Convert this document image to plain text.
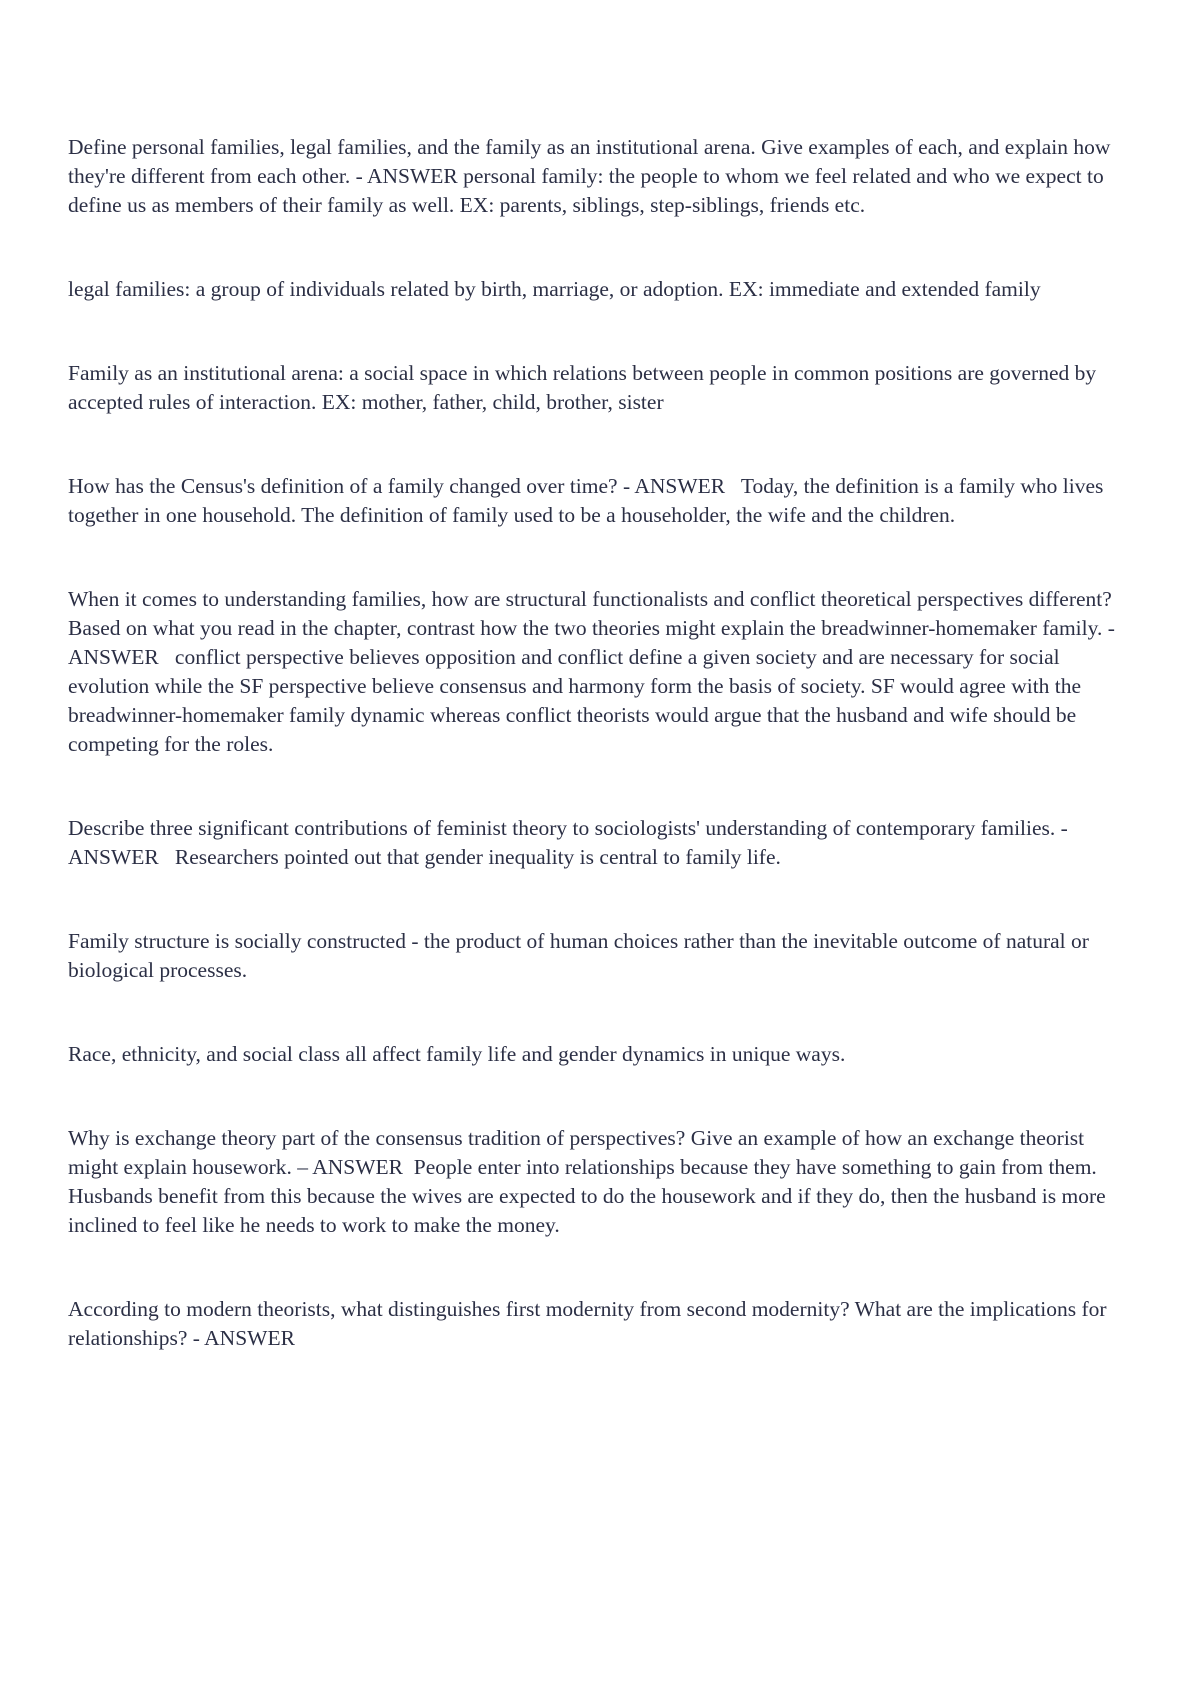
Define personal families, legal families, and the family as an institutional arena. Give examples of each, and explain how they're different from each other. - ANSWER personal family: the people to whom we feel related and who we expect to define us as members of their family as well. EX: parents, siblings, step-siblings, friends etc.

legal families: a group of individuals related by birth, marriage, or adoption. EX: immediate and extended family

Family as an institutional arena: a social space in which relations between people in common positions are governed by accepted rules of interaction. EX: mother, father, child, brother, sister

How has the Census's definition of a family changed over time? - ANSWER   Today, the definition is a family who lives together in one household. The definition of family used to be a householder, the wife and the children.

When it comes to understanding families, how are structural functionalists and conflict theoretical perspectives different? Based on what you read in the chapter, contrast how the two theories might explain the breadwinner-homemaker family. - ANSWER   conflict perspective believes opposition and conflict define a given society and are necessary for social evolution while the SF perspective believe consensus and harmony form the basis of society. SF would agree with the breadwinner-homemaker family dynamic whereas conflict theorists would argue that the husband and wife should be competing for the roles.

Describe three significant contributions of feminist theory to sociologists' understanding of contemporary families. - ANSWER   Researchers pointed out that gender inequality is central to family life.

Family structure is socially constructed - the product of human choices rather than the inevitable outcome of natural or biological processes.

Race, ethnicity, and social class all affect family life and gender dynamics in unique ways.

Why is exchange theory part of the consensus tradition of perspectives? Give an example of how an exchange theorist might explain housework. – ANSWER  People enter into relationships because they have something to gain from them. Husbands benefit from this because the wives are expected to do the housework and if they do, then the husband is more inclined to feel like he needs to work to make the money.

According to modern theorists, what distinguishes first modernity from second modernity? What are the implications for relationships? - ANSWER
